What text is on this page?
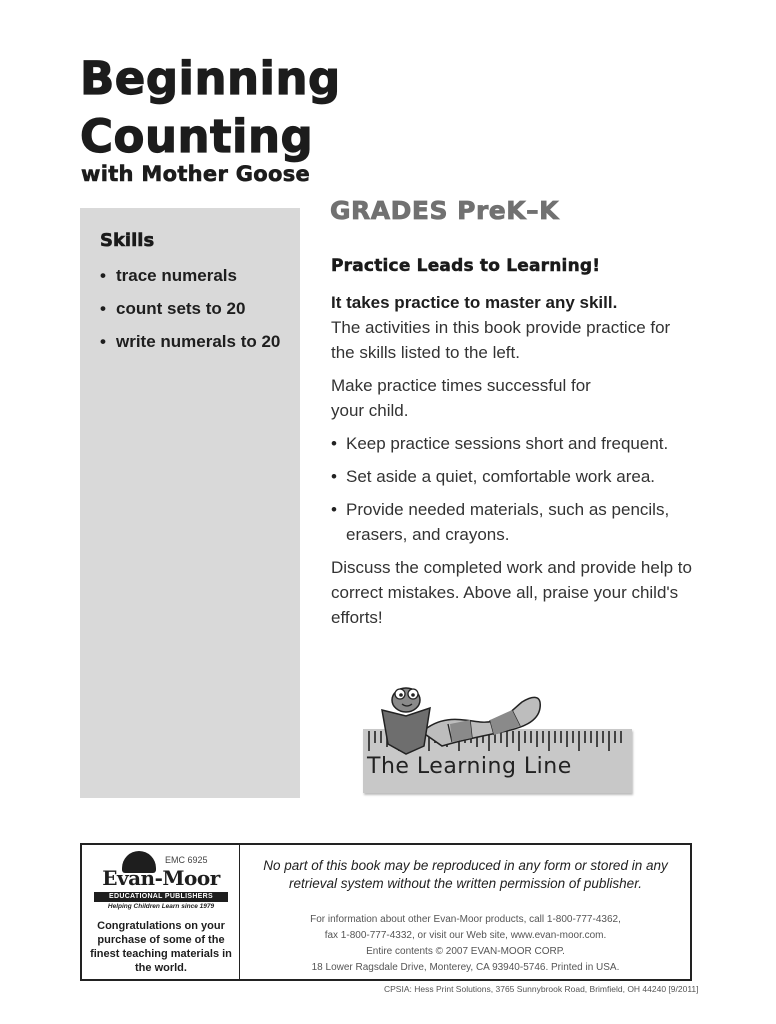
Beginning
Counting
with Mother Goose
Skills
• trace numerals
• count sets to 20
• write numerals to 20
GRADES PreK–K
Practice Leads to Learning!
It takes practice to master any skill.
The activities in this book provide practice for the skills listed to the left.
Make practice times successful for your child.
• Keep practice sessions short and frequent.
• Set aside a quiet, comfortable work area.
• Provide needed materials, such as pencils, erasers, and crayons.
Discuss the completed work and provide help to correct mistakes. Above all, praise your child's efforts!
The Learning Line
EMC 6925
Evan-Moor
EDUCATIONAL PUBLISHERS
Helping Children Learn since 1979
Congratulations on your purchase of some of the finest teaching materials in the world.
No part of this book may be reproduced in any form or stored in any retrieval system without the written permission of publisher.
For information about other Evan-Moor products, call 1-800-777-4362,
fax 1-800-777-4332, or visit our Web site, www.evan-moor.com.
Entire contents © 2007 EVAN-MOOR CORP.
18 Lower Ragsdale Drive, Monterey, CA 93940-5746. Printed in USA.
CPSIA: Hess Print Solutions, 3765 Sunnybrook Road, Brimfield, OH 44240 [9/2011]
